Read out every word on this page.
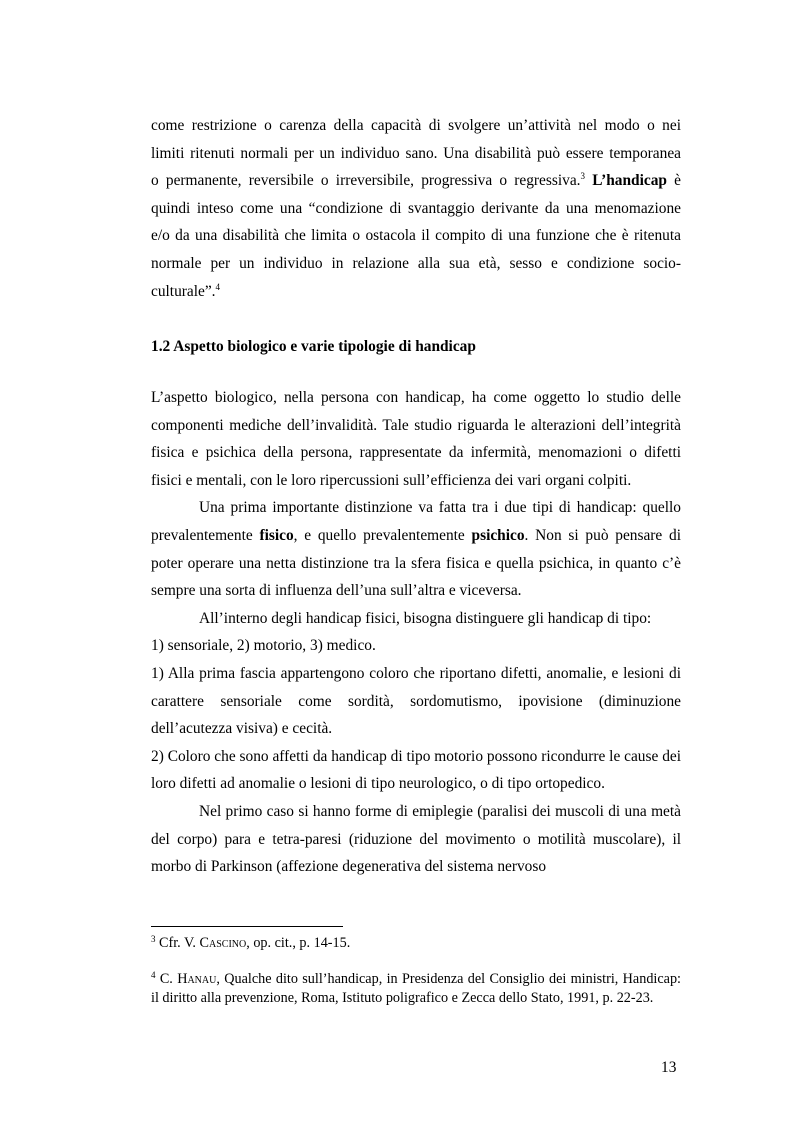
come restrizione o carenza della capacità di svolgere un’attività nel modo o nei
limiti ritenuti normali per un individuo sano. Una disabilità può essere temporanea
o permanente, reversibile o irreversibile, progressiva o regressiva.$^3$ L’handicap è
quindi inteso come una “condizione di svantaggio derivante da una menomazione
e/o da una disabilità che limita o ostacola il compito di una funzione che è ritenuta
normale per un individuo in relazione alla sua età, sesso e condizione socio-
culturale”.$^4$
1.2 Aspetto biologico e varie tipologie di handicap

L’aspetto biologico, nella persona con handicap, ha come oggetto lo studio delle componenti mediche dell’invalidità. Tale studio riguarda le alterazioni dell’integrità fisica e psichica della persona, rappresentate da infermità, menomazioni o difetti fisici e mentali, con le loro ripercussioni sull’efficienza dei vari organi colpiti.

Una prima importante distinzione va fatta tra i due tipi di handicap: quello prevalentemente fisico, e quello prevalentemente psichico. Non si può pensare di poter operare una netta distinzione tra la sfera fisica e quella psichica, in quanto c’è sempre una sorta di influenza dell’una sull’altra e viceversa.

All’interno degli handicap fisici, bisogna distinguere gli handicap di tipo:

1) sensoriale, 2) motorio, 3) medico.

1) Alla prima fascia appartengono coloro che riportano difetti, anomalie, e lesioni di carattere sensoriale come sordità, sordomutismo, ipovisione (diminuzione dell’acutezza visiva) e cecità.

2) Coloro che sono affetti da handicap di tipo motorio possono ricondurre le cause dei loro difetti ad anomalie o lesioni di tipo neurologico, o di tipo ortopedico.

Nel primo caso si hanno forme di emiplegie (paralisi dei muscoli di una metà del corpo) para e tetra-paresi (riduzione del movimento o motilità muscolare), il morbo di Parkinson (affezione degenerativa del sistema nervoso

$^3$ Cfr. V. Cascino, op. cit., p. 14-15.
$^4$ C. Hanau, Qualche dito sull’handicap, in Presidenza del Consiglio dei ministri, Handicap: il diritto alla prevenzione, Roma, Istituto poligrafico e Zecca dello Stato, 1991, p. 22-23.
13
